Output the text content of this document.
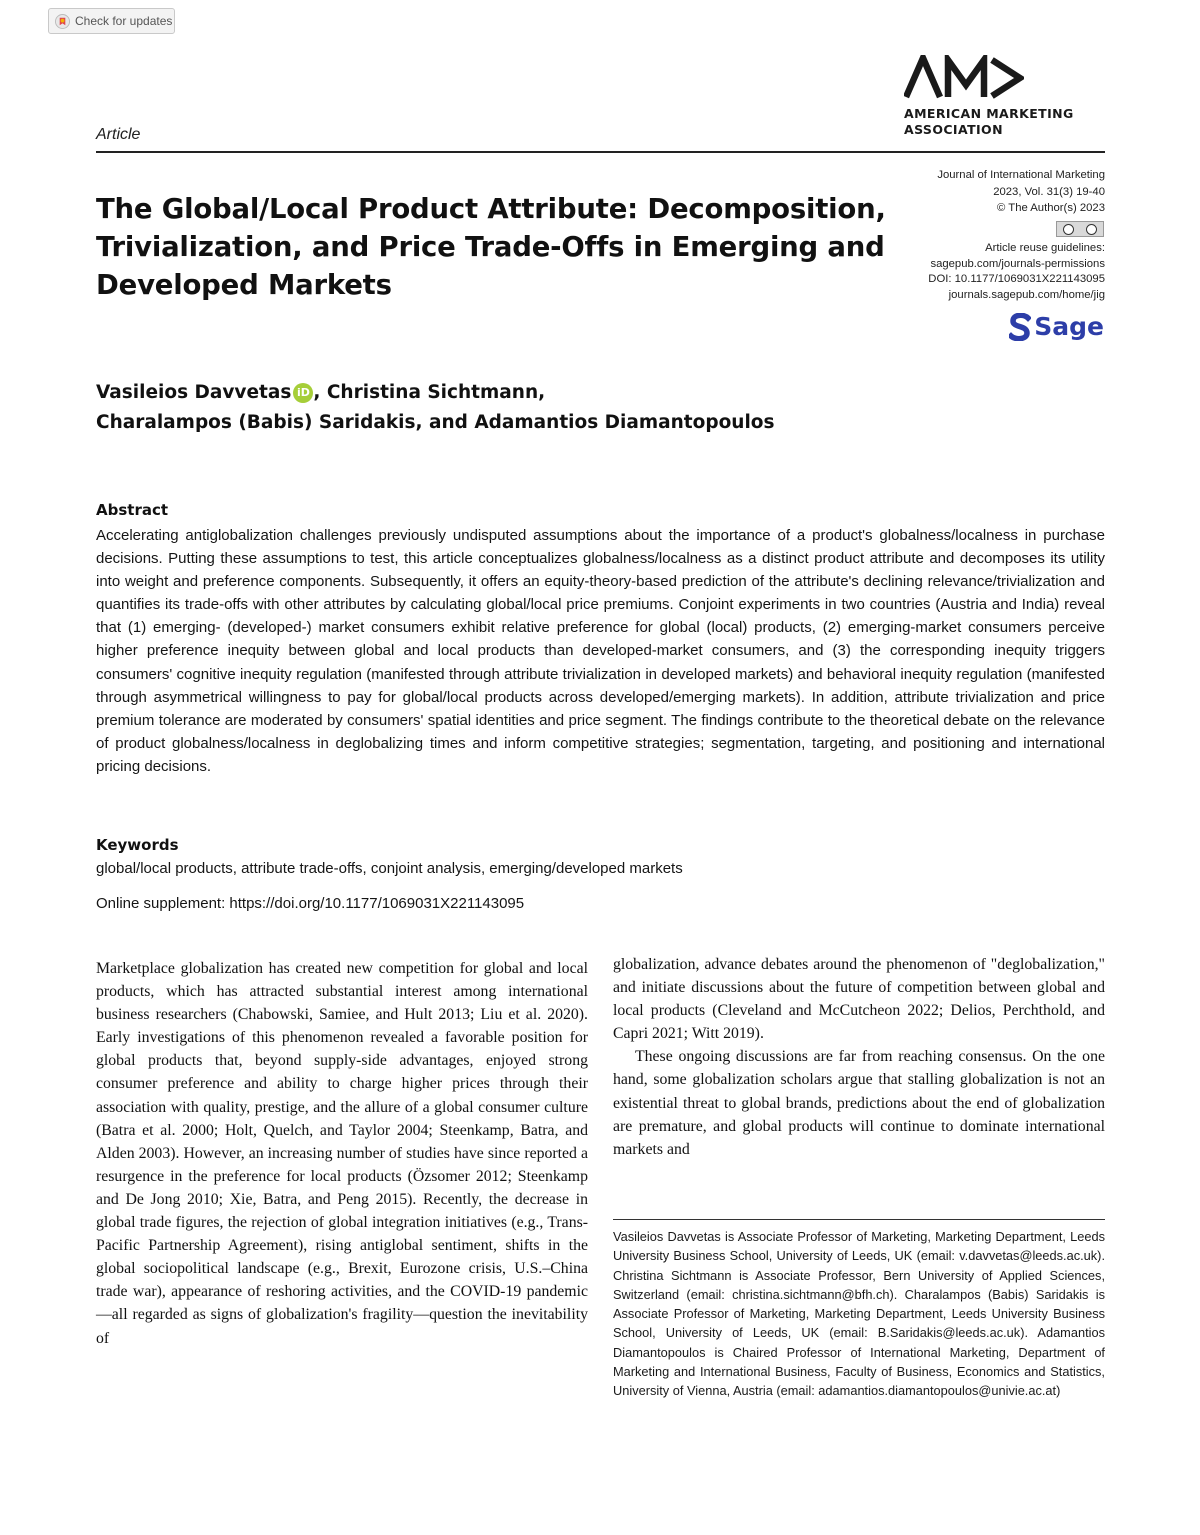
Check for updates
AMERICAN MARKETING
ASSOCIATION
Article
The Global/Local Product Attribute: Decomposition, Trivialization, and Price Trade-Offs in Emerging and Developed Markets
Journal of International Marketing
2023, Vol. 31(3) 19-40
© The Author(s) 2023
Article reuse guidelines:
sagepub.com/journals-permissions
DOI: 10.1177/1069031X221143095
journals.sagepub.com/home/jig
Sage
Vasileios Davvetas iD , Christina Sichtmann,
Charalampos (Babis) Saridakis, and Adamantios Diamantopoulos
Abstract
Accelerating antiglobalization challenges previously undisputed assumptions about the importance of a product's globalness/localness in purchase decisions. Putting these assumptions to test, this article conceptualizes globalness/localness as a distinct product attribute and decomposes its utility into weight and preference components. Subsequently, it offers an equity-theory-based prediction of the attribute's declining relevance/trivialization and quantifies its trade-offs with other attributes by calculating global/local price premiums. Conjoint experiments in two countries (Austria and India) reveal that (1) emerging- (developed-) market consumers exhibit relative preference for global (local) products, (2) emerging-market consumers perceive higher preference inequity between global and local products than developed-market consumers, and (3) the corresponding inequity triggers consumers' cognitive inequity regulation (manifested through attribute trivialization in developed markets) and behavioral inequity regulation (manifested through asymmetrical willingness to pay for global/local products across developed/emerging markets). In addition, attribute trivialization and price premium tolerance are moderated by consumers' spatial identities and price segment. The findings contribute to the theoretical debate on the relevance of product globalness/localness in deglobalizing times and inform competitive strategies; segmentation, targeting, and positioning and international pricing decisions.
Keywords
global/local products, attribute trade-offs, conjoint analysis, emerging/developed markets
Online supplement: https://doi.org/10.1177/1069031X221143095

Marketplace globalization has created new competition for global and local products, which has attracted substantial interest among international business researchers (Chabowski, Samiee, and Hult 2013; Liu et al. 2020). Early investigations of this phenomenon revealed a favorable position for global products that, beyond supply-side advantages, enjoyed strong consumer preference and ability to charge higher prices through their association with quality, prestige, and the allure of a global consumer culture (Batra et al. 2000; Holt, Quelch, and Taylor 2004; Steenkamp, Batra, and Alden 2003). However, an increasing number of studies have since reported a resurgence in the preference for local products (Özsomer 2012; Steenkamp and De Jong 2010; Xie, Batra, and Peng 2015). Recently, the decrease in global trade figures, the rejection of global integration initiatives (e.g., Trans-Pacific Partnership Agreement), rising antiglobal sentiment, shifts in the global sociopolitical landscape (e.g., Brexit, Eurozone crisis, U.S.–China trade war), appearance of reshoring activities, and the COVID-19 pandemic—all regarded as signs of globalization's fragility—question the inevitability of

globalization, advance debates around the phenomenon of "deglobalization," and initiate discussions about the future of competition between global and local products (Cleveland and McCutcheon 2022; Delios, Perchthold, and Capri 2021; Witt 2019).

These ongoing discussions are far from reaching consensus. On the one hand, some globalization scholars argue that stalling globalization is not an existential threat to global brands, predictions about the end of globalization are premature, and global products will continue to dominate international markets and

Vasileios Davvetas is Associate Professor of Marketing, Marketing Department, Leeds University Business School, University of Leeds, UK (email: v.davvetas@leeds.ac.uk). Christina Sichtmann is Associate Professor, Bern University of Applied Sciences, Switzerland (email: christina.sichtmann@bfh.ch). Charalampos (Babis) Saridakis is Associate Professor of Marketing, Marketing Department, Leeds University Business School, University of Leeds, UK (email: B.Saridakis@leeds.ac.uk). Adamantios Diamantopoulos is Chaired Professor of International Marketing, Department of Marketing and International Business, Faculty of Business, Economics and Statistics, University of Vienna, Austria (email: adamantios.diamantopoulos@univie.ac.at)
